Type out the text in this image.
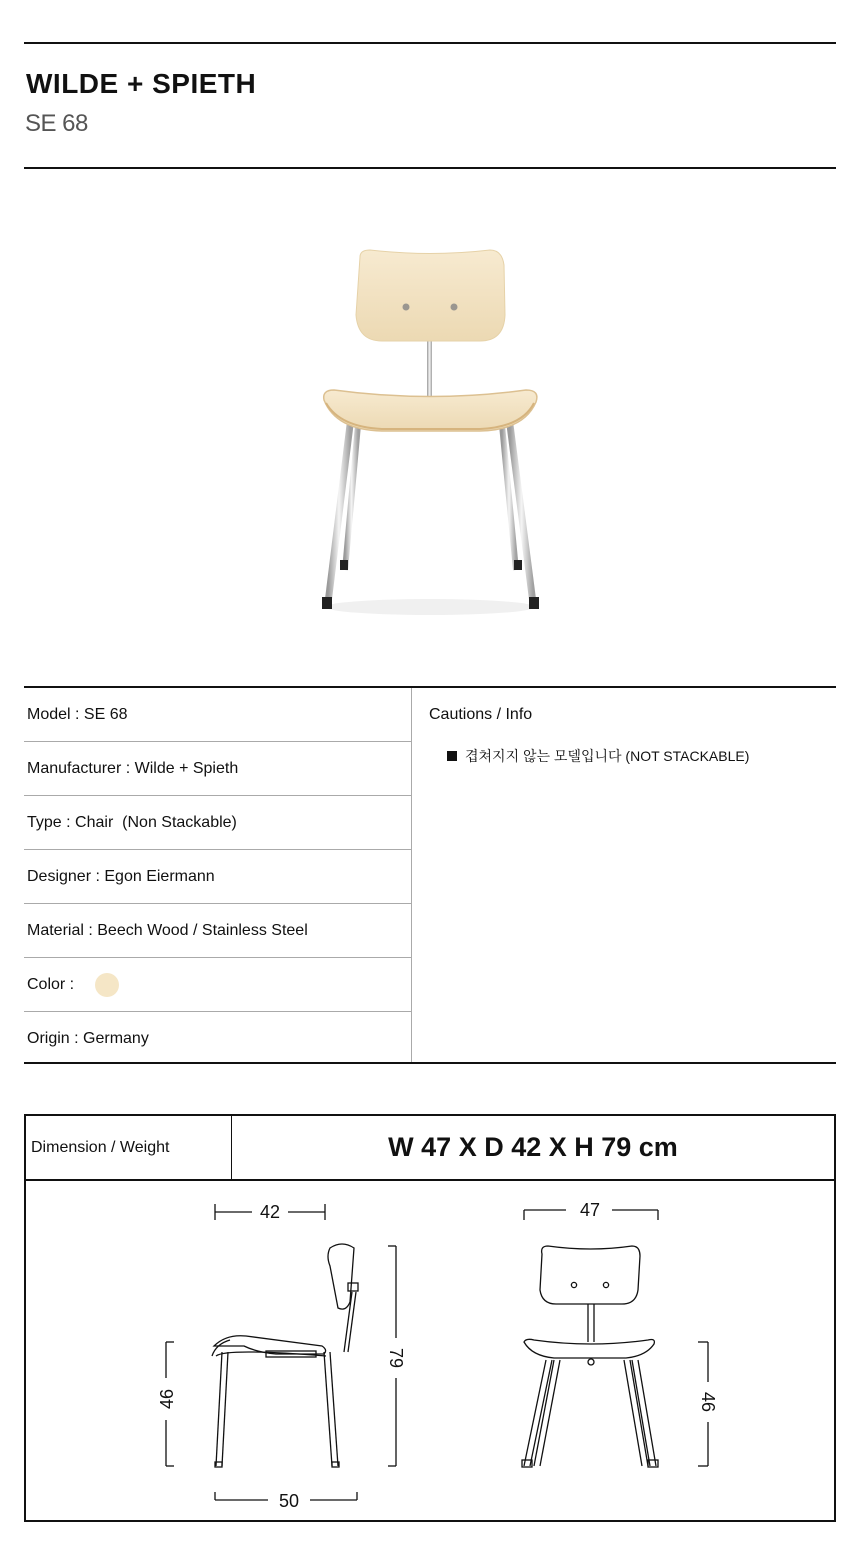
WILDE + SPIETH
SE 68
Model : SE 68
Manufacturer : Wilde + Spieth
Type : Chair  (Non Stackable)
Designer : Egon Eiermann
Material : Beech Wood / Stainless Steel
Color :
Origin : Germany
Cautions / Info
겹쳐지지 않는 모델입니다 (NOT STACKABLE)
Dimension / Weight	W 47 X D 42 X H 79 cm
42
46
79
50
47
46
